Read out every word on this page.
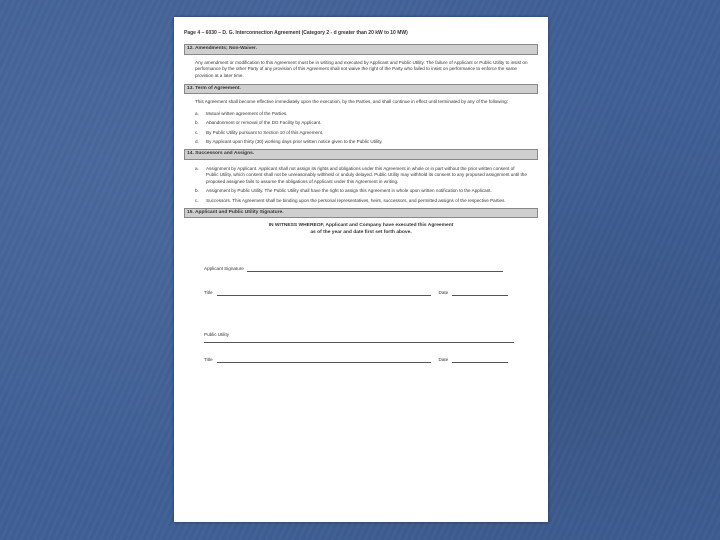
Page 4 – 6030 – D. G. Interconnection Agreement (Category 2 - d greater than 20 kW to 10 MW)
12. Amendments; Non-Waiver.
Any amendment or modification to this Agreement must be in writing and executed by Applicant and Public Utility. The failure of Applicant or Public Utility to insist on performance by the other Party of any provision of this Agreement shall not waive the right of the Party who failed to insist on performance to enforce the same provision at a later time.
13. Term of Agreement.
This Agreement shall become effective immediately upon the execution, by the Parties, and shall continue in effect until terminated by any of the following:
a.	Mutual written agreement of the Parties.
b.	Abandonment or removal of the DG Facility by Applicant.
c.	By Public Utility pursuant to Section 10 of this Agreement.
d.	By Applicant upon thirty (30) working days prior written notice given to the Public Utility.
14. Successors and Assigns.
a.	Assignment by Applicant. Applicant shall not assign its rights and obligations under this Agreement in whole or in part without the prior written consent of Public Utility, which consent shall not be unreasonably withheld or unduly delayed. Public Utility may withhold its consent to any proposed assignment until the proposed assignee fails to assume the obligations of Applicant under this Agreement in writing.
b.	Assignment by Public Utility. The Public Utility shall have the right to assign this Agreement in whole upon written notification to the Applicant.
c.	Successors. This Agreement shall be binding upon the personal representatives, heirs, successors, and permitted assigns of the respective Parties.
15. Applicant and Public Utility Signature.
IN WITNESS WHEREOF, Applicant and Company have executed this Agreement
as of the year and date first set forth above.
Applicant Signature
Title	Date
Public Utility
Title	Date
